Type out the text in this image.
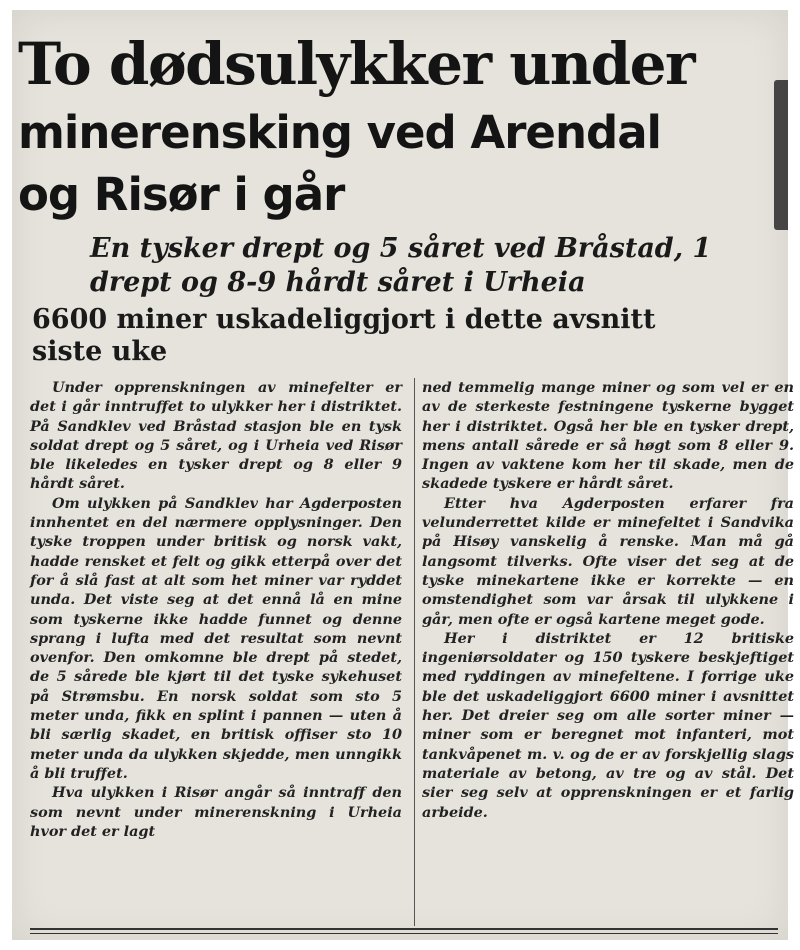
To dødsulykker under
minerensking ved Arendal
og Risør i går
En tysker drept og 5 såret ved Bråstad, 1 drept og 8-9 hårdt såret i Urheia
6600 miner uskadeliggjort i dette avsnitt siste uke

Under opprenskningen av minefelter er det i går inntruffet to ulykker her i distriktet. På Sandklev ved Bråstad stasjon ble en tysk soldat drept og 5 såret, og i Urheia ved Risør ble likeledes en tysker drept og 8 eller 9 hårdt såret.

Om ulykken på Sandklev har Agderposten innhentet en del nærmere opplysninger. Den tyske troppen under britisk og norsk vakt, hadde rensket et felt og gikk etterpå over det for å slå fast at alt som het miner var ryddet unda. Det viste seg at det ennå lå en mine som tyskerne ikke hadde funnet og denne sprang i lufta med det resultat som nevnt ovenfor. Den omkomne ble drept på stedet, de 5 sårede ble kjørt til det tyske sykehuset på Strømsbu. En norsk soldat som sto 5 meter unda, fikk en splint i pannen — uten å bli særlig skadet, en britisk offiser sto 10 meter unda da ulykken skjedde, men unngikk å bli truffet.

Hva ulykken i Risør angår så inntraff den som nevnt under minerenskning i Urheia hvor det er lagt

ned temmelig mange miner og som vel er en av de sterkeste festningene tyskerne bygget her i distriktet. Også her ble en tysker drept, mens antall sårede er så høgt som 8 eller 9. Ingen av vaktene kom her til skade, men de skadede tyskere er hårdt såret.

Etter hva Agderposten erfarer fra velunderrettet kilde er minefeltet i Sandvika på Hisøy vanskelig å renske. Man må gå langsomt tilverks. Ofte viser det seg at de tyske minekartene ikke er korrekte — en omstendighet som var årsak til ulykkene i går, men ofte er også kartene meget gode.

Her i distriktet er 12 britiske ingeniørsoldater og 150 tyskere beskjeftiget med ryddingen av minefeltene. I forrige uke ble det uskadeliggjort 6600 miner i avsnittet her. Det dreier seg om alle sorter miner — miner som er beregnet mot infanteri, mot tankvåpenet m. v. og de er av forskjellig slags materiale av betong, av tre og av stål. Det sier seg selv at opprenskningen er et farlig arbeide.
